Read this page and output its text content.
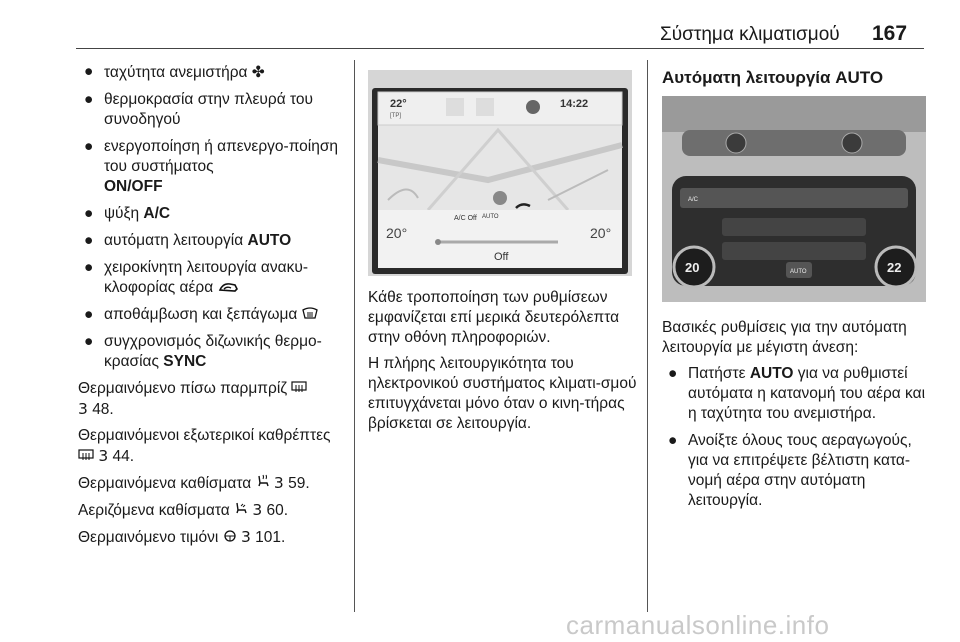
Σύστημα κλιματισμού 167
● ταχύτητα ανεμιστήρα ✤
● θερμοκρασία στην πλευρά του συνοδηγού
● ενεργοποίηση ή απενεργο-ποίηση του συστήματος
ON/OFF
● ψύξη A/C
● αυτόματη λειτουργία AUTO
● χειροκίνητη λειτουργία ανακυ-κλοφορίας αέρα
● αποθάμβωση και ξεπάγωμα
● συγχρονισμός διζωνικής θερμο-κρασίας SYNC

Θερμαινόμενο πίσω παρμπρίζ
3 48.

Θερμαινόμενοι εξωτερικοί καθρέπτες
3 44.

Θερμαινόμενα καθίσματα 3 59.

Αεριζόμενα καθίσματα 3 60.

Θερμαινόμενο τιμόνι 3 101.

22°
[TP]
14:22
20°	20°
A/C Off AUTO
Off

Κάθε τροποποίηση των ρυθμίσεων εμφανίζεται επί μερικά δευτερόλεπτα στην οθόνη πληροφοριών.

Η πλήρης λειτουργικότητα του ηλεκτρονικού συστήματος κλιματι-σμού επιτυγχάνεται μόνο όταν ο κινη-τήρας βρίσκεται σε λειτουργία.

Αυτόματη λειτουργία AUTO
20	22
AUTO
A/C

Βασικές ρυθμίσεις για την αυτόματη λειτουργία με μέγιστη άνεση:

● Πατήστε AUTO για να ρυθμιστεί αυτόματα η κατανομή του αέρα και η ταχύτητα του ανεμιστήρα.
● Ανοίξτε όλους τους αεραγωγούς, για να επιτρέψετε βέλτιστη κατα-νομή αέρα στην αυτόματη λειτουργία.
carmanualsonline.info
